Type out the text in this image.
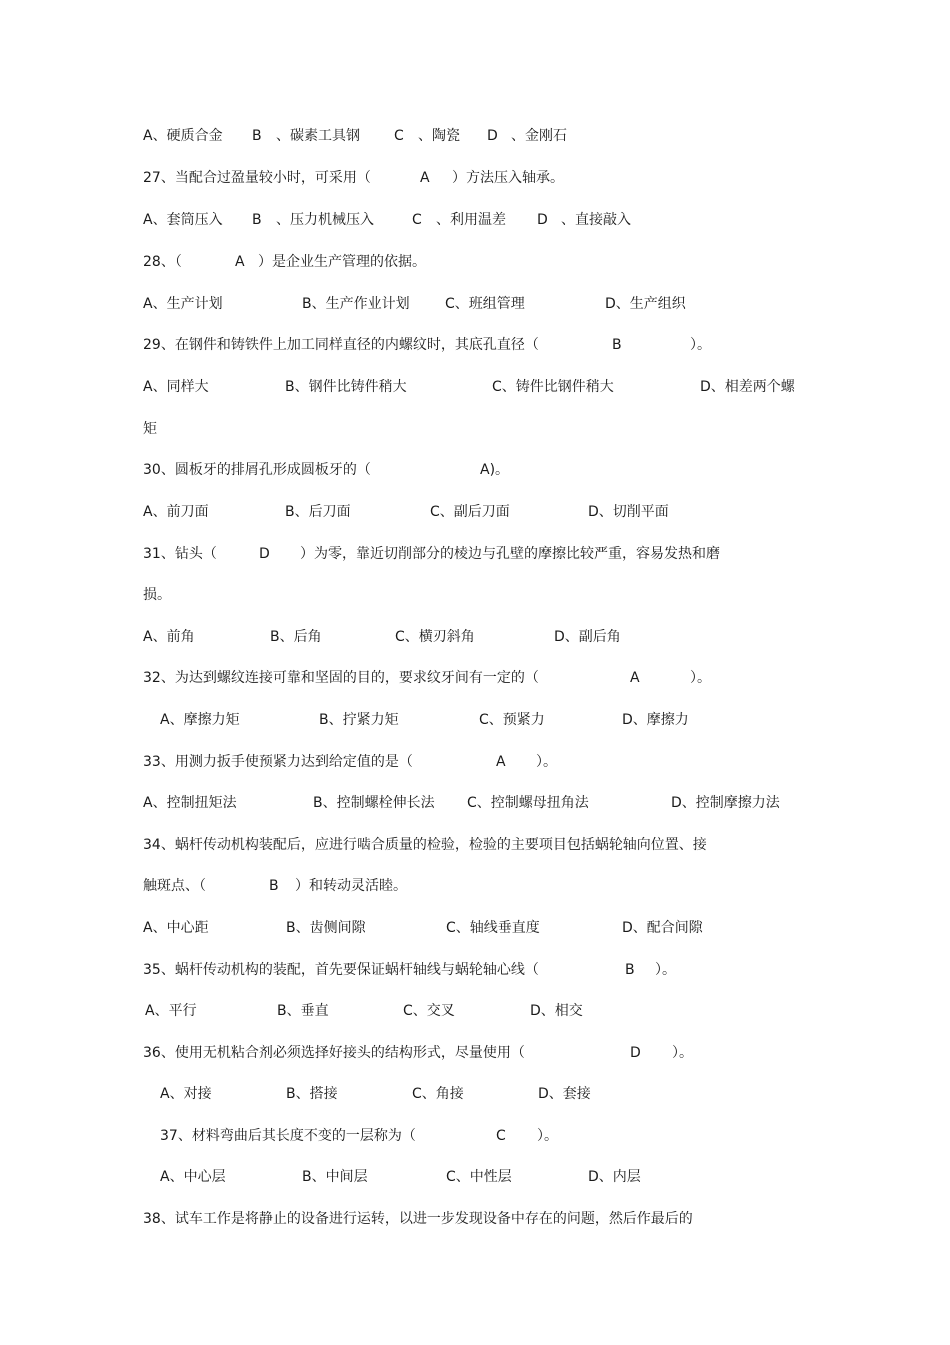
A、硬质合金 B 、碳素工具钢 C 、陶瓷 D 、金刚石
27、当配合过盈量较小时，可采用（	A ）方法压入轴承。
A、套筒压入 B 、压力机械压入	C 、利用温差 D 、直接敲入
28、（	A ）是企业生产管理的依据。
A、生产计划	B、生产作业计划	C、班组管理	D、生产组织
29、在钢件和铸铁件上加工同样直径的内螺纹时，其底孔直径（	B	）。
A、同样大	B、钢件比铸件稍大	C、铸件比钢件稍大	D、相差两个螺
矩
30、圆板牙的排屑孔形成圆板牙的（	A)。
A、前刀面	B、后刀面	C、副后刀面	D、切削平面
31、钻头（	D ）为零，靠近切削部分的棱边与孔壁的摩擦比较严重，容易发热和磨
损。
A、前角	B、后角	C、横刃斜角	D、副后角
32、为达到螺纹连接可靠和坚固的目的，要求纹牙间有一定的（	A	）。
A、摩擦力矩	B、拧紧力矩	C、预紧力	D、摩擦力
33、用测力扳手使预紧力达到给定值的是（	A ）。
A、控制扭矩法	B、控制螺栓伸长法 C、控制螺母扭角法	D、控制摩擦力法
34、蜗杆传动机构装配后，应进行啮合质量的检验，检验的主要项目包括蜗轮轴向位置、接
触斑点、（	B ）和转动灵活睦。
A、中心距	B、齿侧间隙	C、轴线垂直度	D、配合间隙
35、蜗杆传动机构的装配，首先要保证蜗杆轴线与蜗轮轴心线（	B ）。
A、平行	B、垂直	C、交叉	D、相交
36、使用无机粘合剂必须选择好接头的结构形式，尽量使用（	D ）。
A、对接	B、搭接	C、角接	D、套接
37、材料弯曲后其长度不变的一层称为（	C ）。
A、中心层	B、中间层	C、中性层	D、内层
38、试车工作是将静止的设备进行运转，以进一步发现设备中存在的问题，然后作最后的
